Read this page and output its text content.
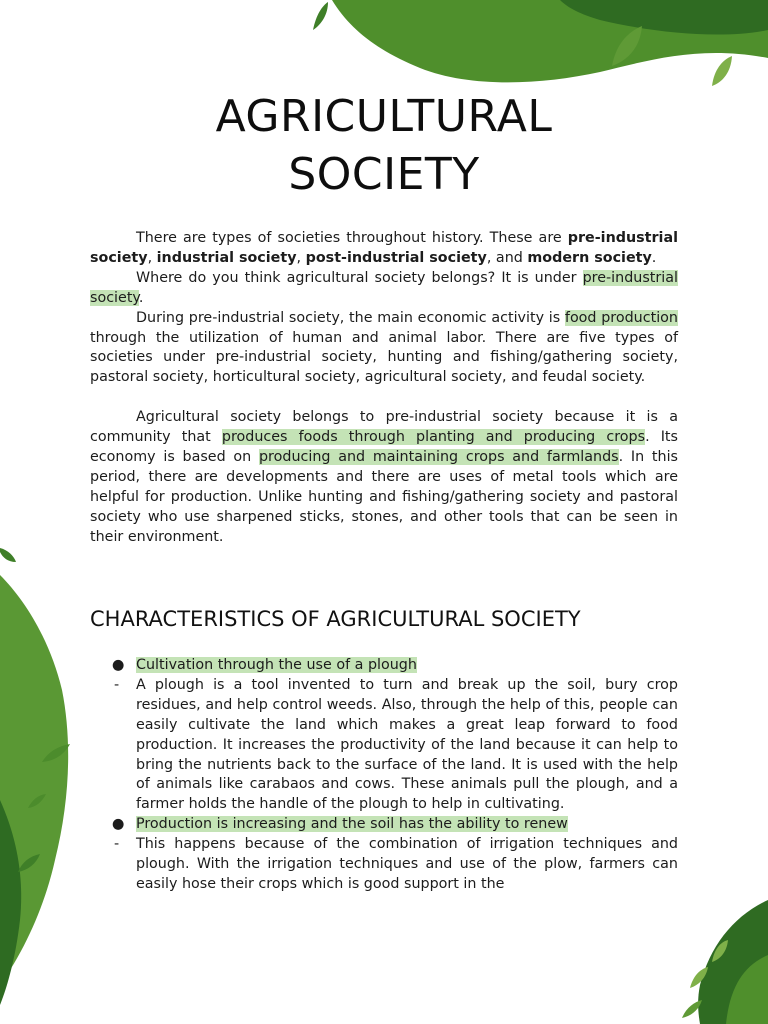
AGRICULTURAL
SOCIETY

There are types of societies throughout history. These are pre-industrial society, industrial society, post-industrial society, and modern society.

Where do you think agricultural society belongs? It is under pre-industrial society.

During pre-industrial society, the main economic activity is food production through the utilization of human and animal labor. There are five types of societies under pre-industrial society, hunting and fishing/gathering society, pastoral society, horticultural society, agricultural society, and feudal society.

Agricultural society belongs to pre-industrial society because it is a community that produces foods through planting and producing crops. Its economy is based on producing and maintaining crops and farmlands. In this period, there are developments and there are uses of metal tools which are helpful for production. Unlike hunting and fishing/gathering society and pastoral society who use sharpened sticks, stones, and other tools that can be seen in their environment.

CHARACTERISTICS OF AGRICULTURAL SOCIETY
● Cultivation through the use of a plough
- A plough is a tool invented to turn and break up the soil, bury crop residues, and help control weeds. Also, through the help of this, people can easily cultivate the land which makes a great leap forward to food production. It increases the productivity of the land because it can help to bring the nutrients back to the surface of the land. It is used with the help of animals like carabaos and cows. These animals pull the plough, and a farmer holds the handle of the plough to help in cultivating.
● Production is increasing and the soil has the ability to renew
- This happens because of the combination of irrigation techniques and plough. With the irrigation techniques and use of the plow, farmers can easily hose their crops which is good support in the
